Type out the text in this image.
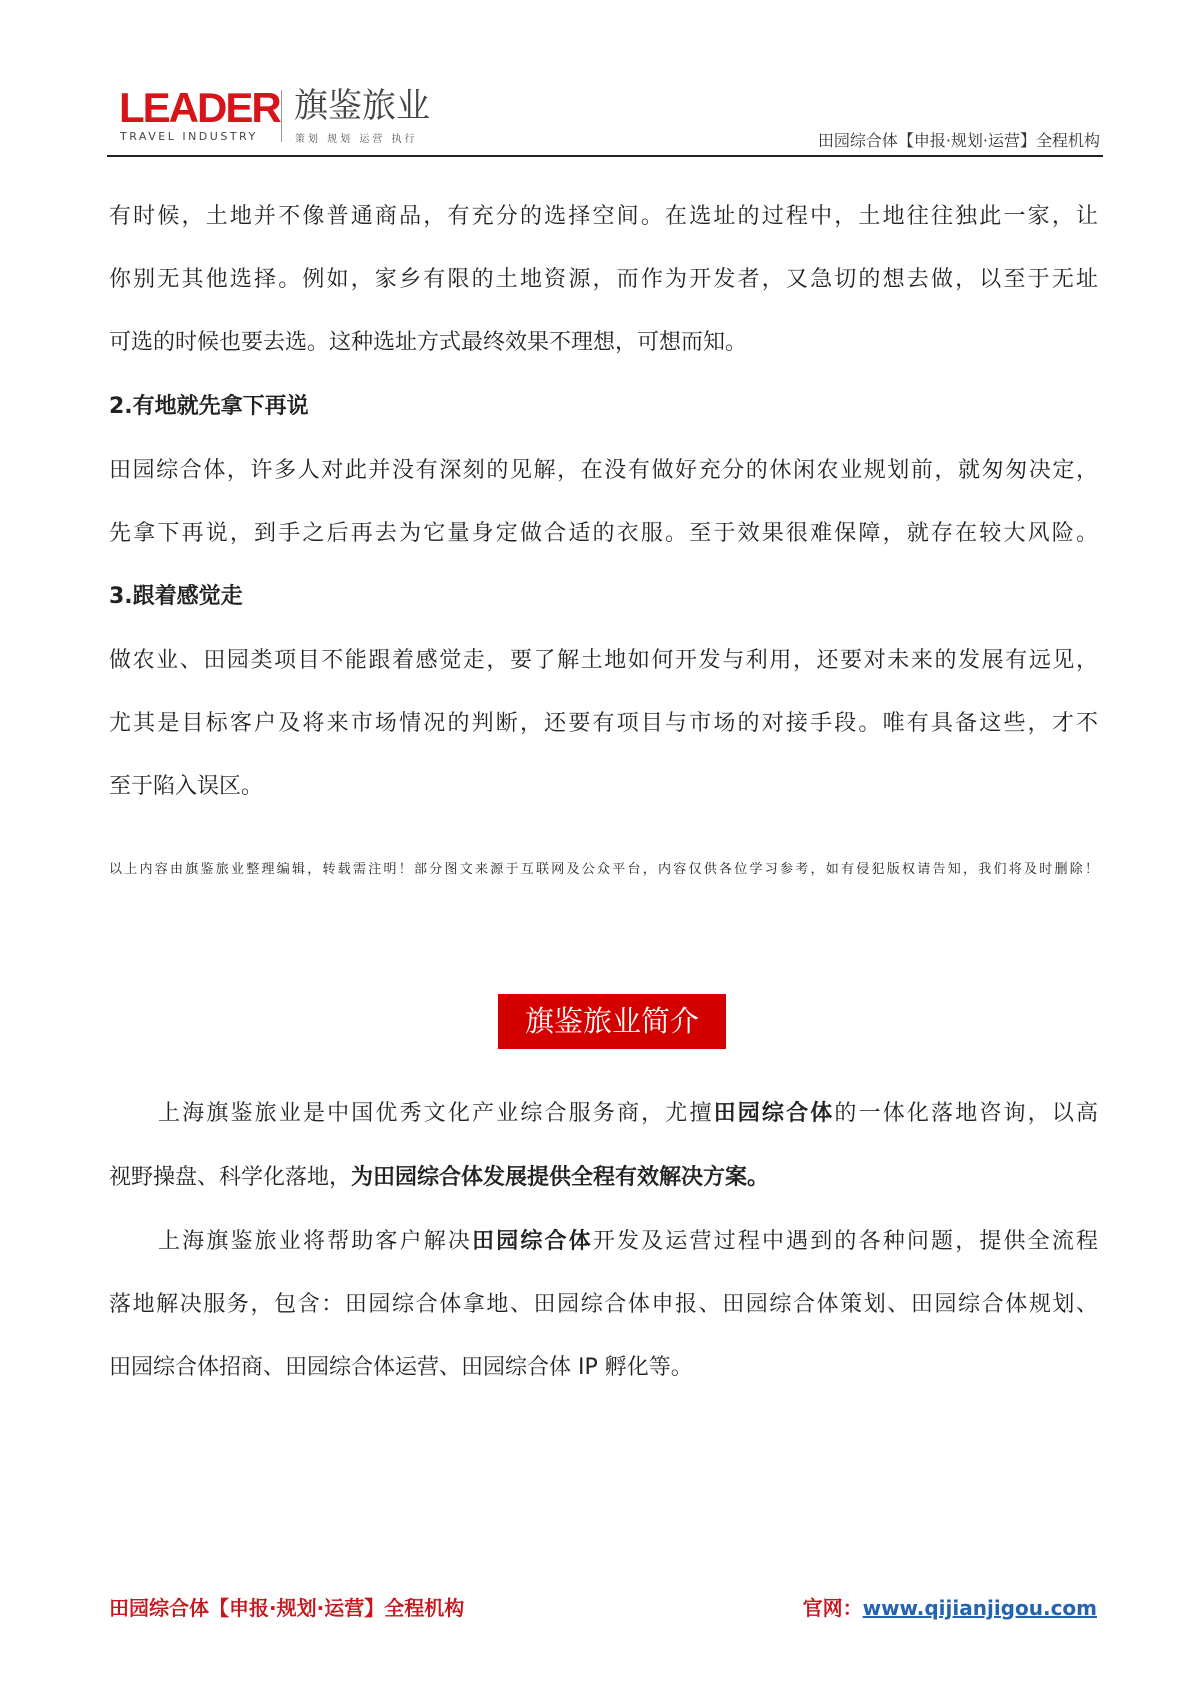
LEADER
TRAVEL INDUSTRY
旗鉴旅业
策划 规划 运营 执行	田园综合体【申报·规划·运营】全程机构
有时候，土地并不像普通商品，有充分的选择空间。在选址的过程中，土地往往独此一家，让
你别无其他选择。例如，家乡有限的土地资源，而作为开发者，又急切的想去做，以至于无址
可选的时候也要去选。这种选址方式最终效果不理想，可想而知。
2.有地就先拿下再说
田园综合体，许多人对此并没有深刻的见解，在没有做好充分的休闲农业规划前，就匆匆决定，
先拿下再说，到手之后再去为它量身定做合适的衣服。至于效果很难保障，就存在较大风险。
3.跟着感觉走
做农业、田园类项目不能跟着感觉走，要了解土地如何开发与利用，还要对未来的发展有远见，
尤其是目标客户及将来市场情况的判断，还要有项目与市场的对接手段。唯有具备这些，才不
至于陷入误区。
以上内容由旗鉴旅业整理编辑，转载需注明！部分图文来源于互联网及公众平台，内容仅供各位学习参考，如有侵犯版权请告知，我们将及时删除！
旗鉴旅业简介
上海旗鉴旅业是中国优秀文化产业综合服务商，尤擅田园综合体的一体化落地咨询，以高
视野操盘、科学化落地，为田园综合体发展提供全程有效解决方案。
上海旗鉴旅业将帮助客户解决田园综合体开发及运营过程中遇到的各种问题，提供全流程
落地解决服务，包含：田园综合体拿地、田园综合体申报、田园综合体策划、田园综合体规划、
田园综合体招商、田园综合体运营、田园综合体 IP 孵化等。
田园综合体【申报·规划·运营】全程机构	官网：www.qijianjigou.com
